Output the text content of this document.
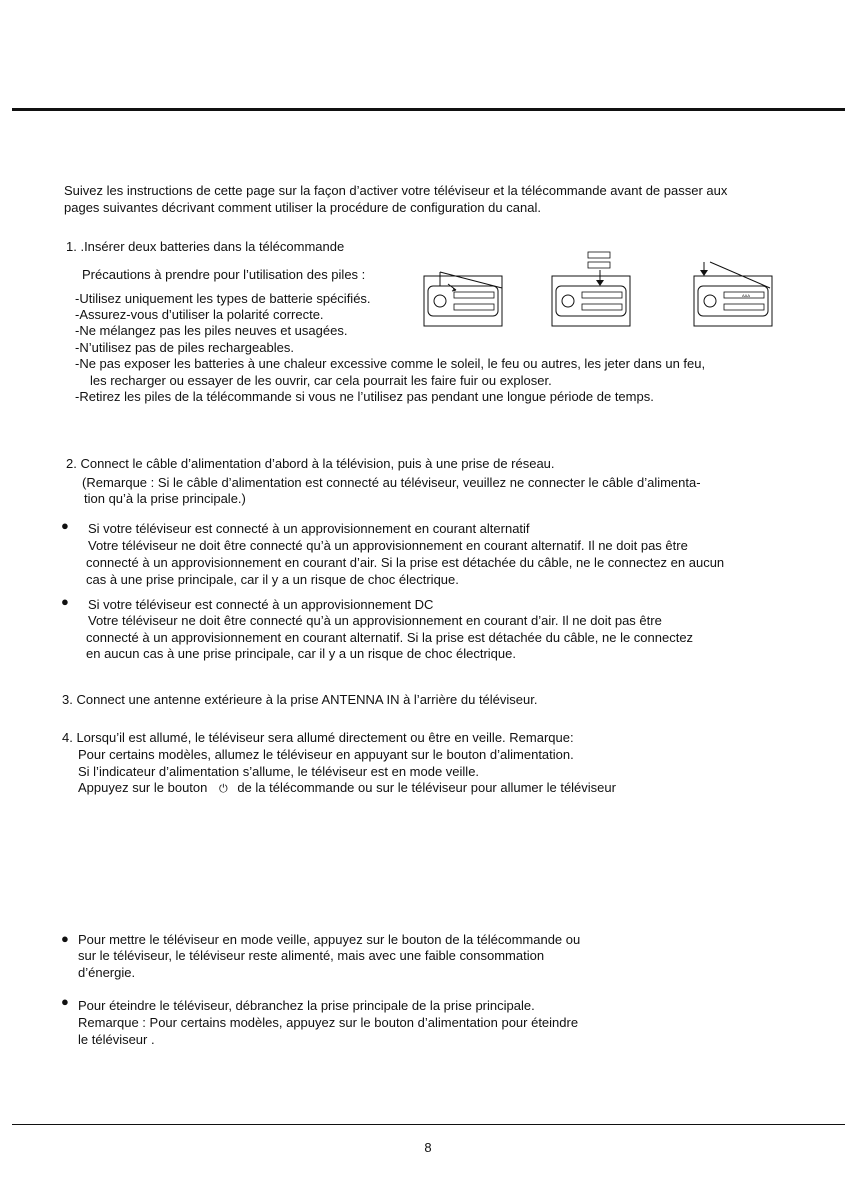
Suivez les instructions de cette page sur la façon d’activer votre téléviseur et la télécommande avant de passer aux
pages suivantes décrivant comment utiliser la procédure de configuration du canal.
1. .Insérer deux batteries dans la télécommande
Précautions à prendre pour l’utilisation des piles :
-Utilisez uniquement les types de batterie spécifiés.
-Assurez-vous d’utiliser la polarité correcte.
-Ne mélangez pas les piles neuves et usagées.
-N’utilisez pas de piles rechargeables.
-Ne pas exposer les batteries à une chaleur excessive comme le soleil, le feu ou autres, les jeter dans un feu,
les recharger ou essayer de les ouvrir, car cela pourrait les faire fuir ou exploser.
-Retirez les piles de la télécommande si vous ne l’utilisez pas pendant une longue période de temps.
AAA
2. Connect le câble d’alimentation d’abord à la télévision, puis à une prise de réseau.
(Remarque : Si le câble d’alimentation est connecté au téléviseur, veuillez ne connecter le câble d’alimenta-
tion qu’à la prise principale.)
● Si votre téléviseur est connecté à un approvisionnement en courant alternatif
Votre téléviseur ne doit être connecté qu’à un approvisionnement en courant alternatif. Il ne doit pas être
connecté à un approvisionnement en courant d’air. Si la prise est détachée du câble, ne le connectez en aucun
cas à une prise principale, car il y a un risque de choc électrique.
● Si votre téléviseur est connecté à un approvisionnement DC
Votre téléviseur ne doit être connecté qu’à un approvisionnement en courant d’air. Il ne doit pas être
connecté à un approvisionnement en courant alternatif. Si la prise est détachée du câble, ne le connectez
en aucun cas à une prise principale, car il y a un risque de choc électrique.
3. Connect une antenne extérieure à la prise ANTENNA IN à l’arrière du téléviseur.
4. Lorsqu’il est allumé, le téléviseur sera allumé directement ou être en veille. Remarque:
Pour certains modèles, allumez le téléviseur en appuyant sur le bouton d’alimentation.
Si l’indicateur d’alimentation s’allume, le téléviseur est en mode veille.
Appuyez sur le bouton ⏻ de la télécommande ou sur le téléviseur pour allumer le téléviseur
● Pour mettre le téléviseur en mode veille, appuyez sur le bouton de la télécommande ou
sur le téléviseur, le téléviseur reste alimenté, mais avec une faible consommation
d’énergie.
● Pour éteindre le téléviseur, débranchez la prise principale de la prise principale.
Remarque : Pour certains modèles, appuyez sur le bouton d’alimentation pour éteindre
le téléviseur .
8
